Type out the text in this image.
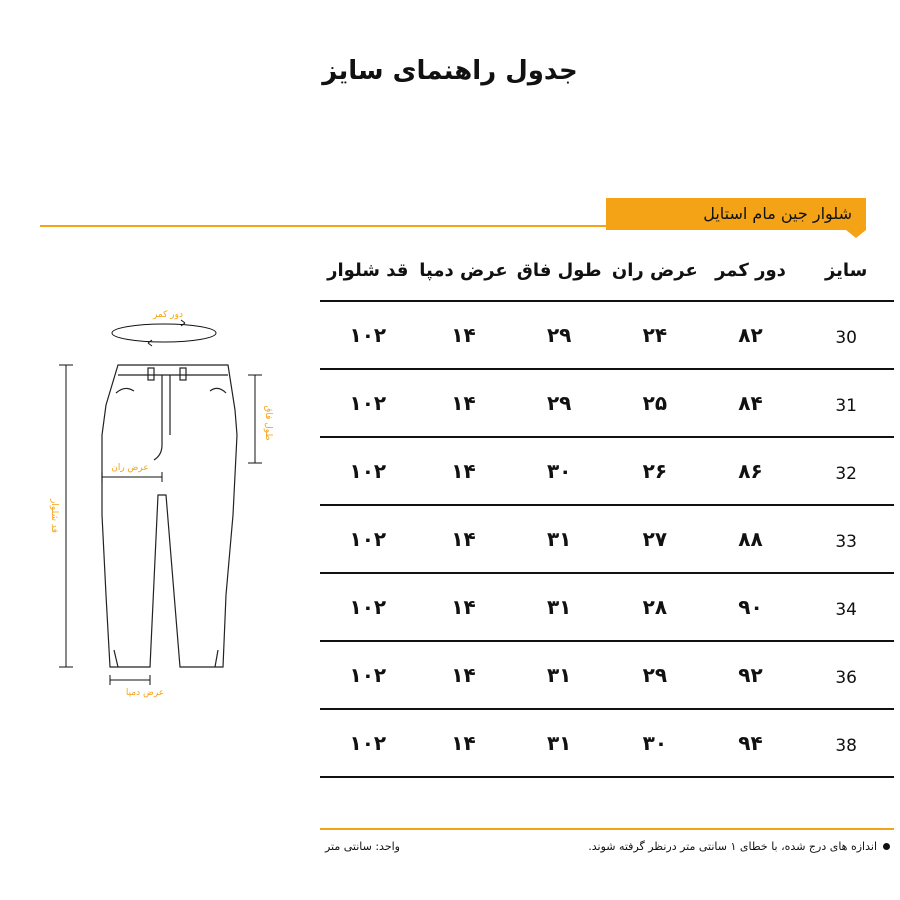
جدول راهنمای سایز
شلوار جین مام استایل
دور کمر
طول فاق
عرض ران
قد شلوار
عرض دمپا
سایز
دور کمر
عرض ران
طول فاق
عرض دمپا
قد شلوار
30
۸۲
۲۴
۲۹
۱۴
۱۰۲
31
۸۴
۲۵
۲۹
۱۴
۱۰۲
32
۸۶
۲۶
۳۰
۱۴
۱۰۲
33
۸۸
۲۷
۳۱
۱۴
۱۰۲
34
۹۰
۲۸
۳۱
۱۴
۱۰۲
36
۹۲
۲۹
۳۱
۱۴
۱۰۲
38
۹۴
۳۰
۳۱
۱۴
۱۰۲
اندازه های درج شده، با خطای ۱ سانتی متر درنظر گرفته شوند.
واحد: سانتی متر
